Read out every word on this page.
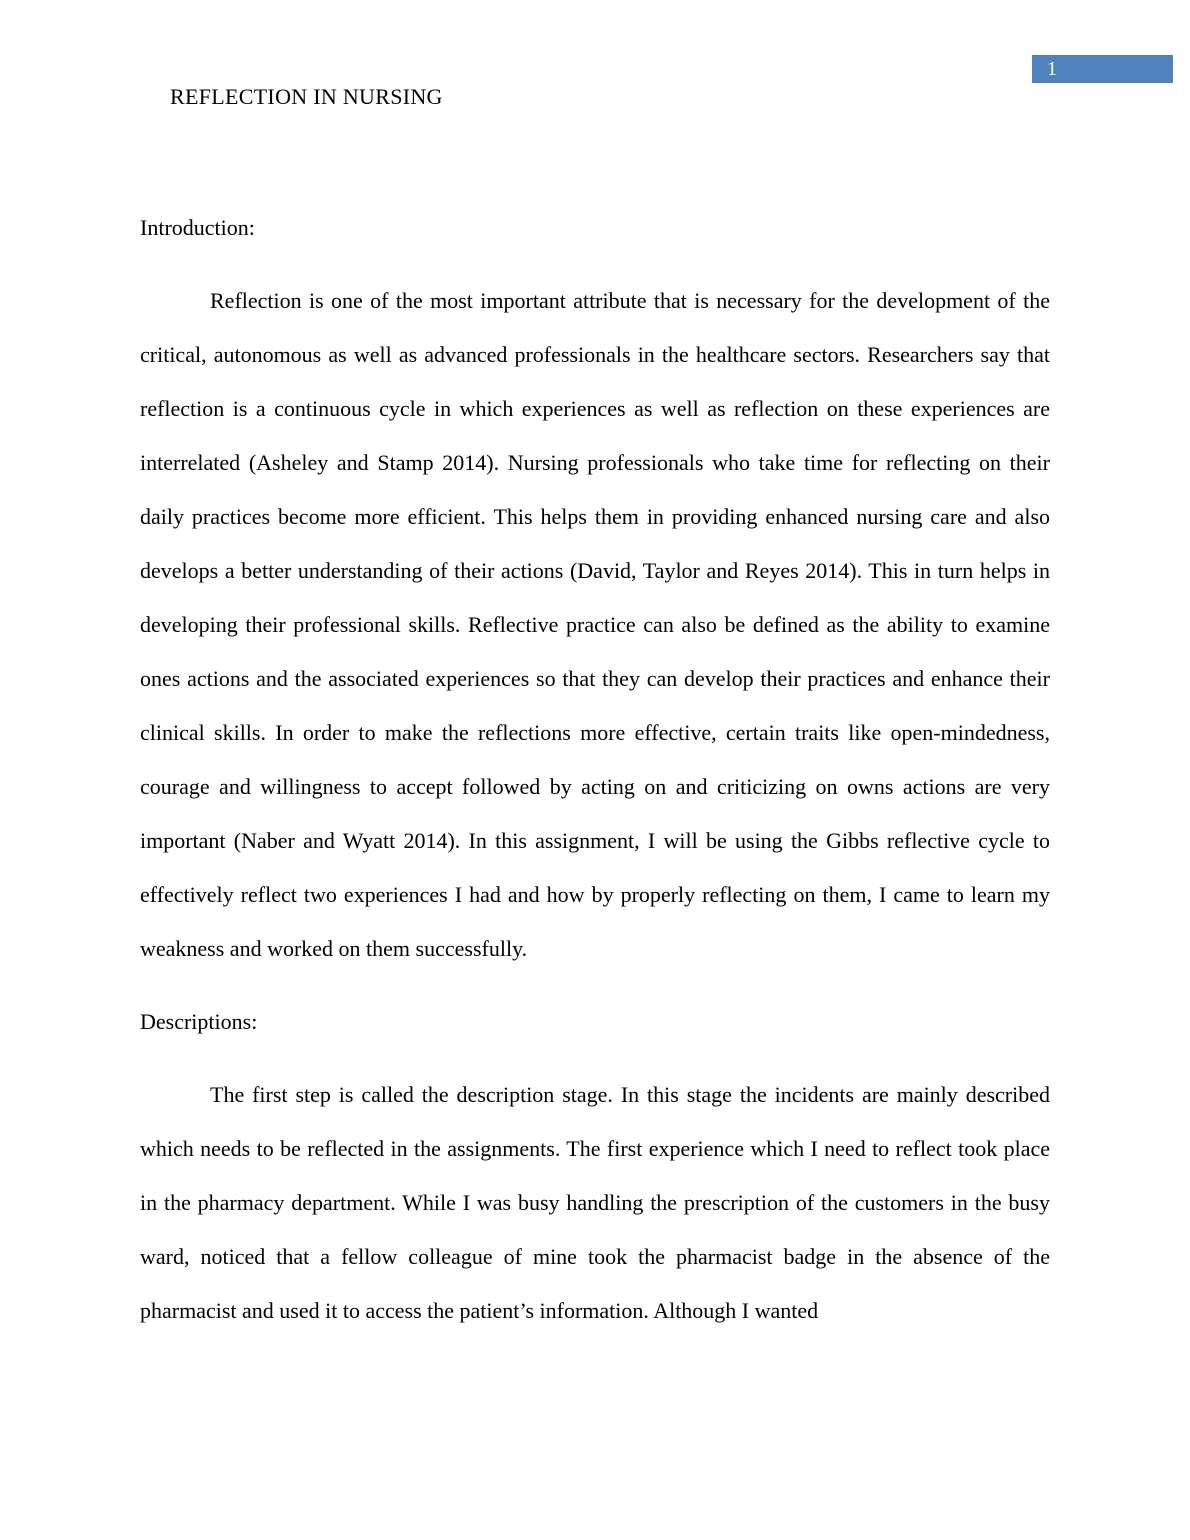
1
REFLECTION IN NURSING
Introduction:

Reflection is one of the most important attribute that is necessary for the development of the critical, autonomous as well as advanced professionals in the healthcare sectors. Researchers say that reflection is a continuous cycle in which experiences as well as reflection on these experiences are interrelated (Asheley and Stamp 2014). Nursing professionals who take time for reflecting on their daily practices become more efficient. This helps them in providing enhanced nursing care and also develops a better understanding of their actions (David, Taylor and Reyes 2014). This in turn helps in developing their professional skills. Reflective practice can also be defined as the ability to examine ones actions and the associated experiences so that they can develop their practices and enhance their clinical skills. In order to make the reflections more effective, certain traits like open-mindedness, courage and willingness to accept followed by acting on and criticizing on owns actions are very important (Naber and Wyatt 2014). In this assignment, I will be using the Gibbs reflective cycle to effectively reflect two experiences I had and how by properly reflecting on them, I came to learn my weakness and worked on them successfully.

Descriptions:

The first step is called the description stage. In this stage the incidents are mainly described which needs to be reflected in the assignments. The first experience which I need to reflect took place in the pharmacy department. While I was busy handling the prescription of the customers in the busy ward, noticed that a fellow colleague of mine took the pharmacist badge in the absence of the pharmacist and used it to access the patient’s information. Although I wanted
